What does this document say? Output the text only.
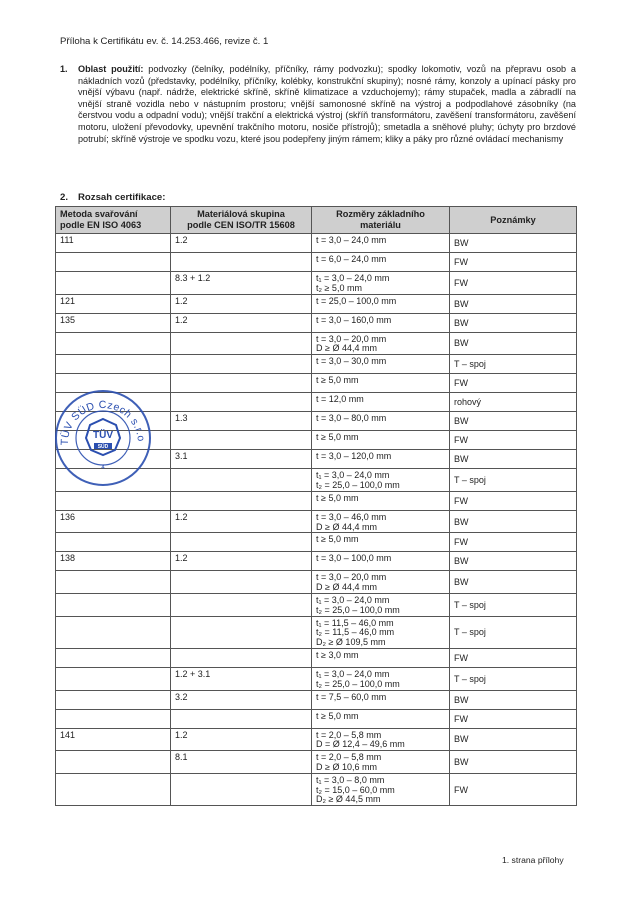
Příloha k Certifikátu ev. č. 14.253.466, revize č. 1
1. Oblast použití: podvozky (čelníky, podélníky, příčníky, rámy podvozku); spodky lokomotiv, vozů na přepravu osob a nákladních vozů (představky, podélníky, příčníky, kolébky, konstrukční skupiny); nosné rámy, konzoly a upínací pásky pro vnější výbavu (např. nádrže, elektrické skříně, skříně klimatizace a vzduchojemy); rámy stupaček, madla a zábradlí na vnější straně vozidla nebo v nástupním prostoru; vnější samonosné skříně na výstroj a podpodlahové zásobníky (na čerstvou vodu a odpadní vodu); vnější trakční a elektrická výstroj (skříň transformátoru, zavěšení transformátoru, zavěšení motoru, uložení převodovky, upevnění trakčního motoru, nosiče přístrojů); smetadla a sněhové pluhy; úchyty pro brzdové potrubí; skříně výstroje ve spodku vozu, které jsou podepřeny jiným rámem; kliky a páky pro různé ovládací mechanismy
2. Rozsah certifikace:
Metoda svařování
podle EN ISO 4063	Materiálová skupina
podle CEN ISO/TR 15608	Rozměry základního
materiálu	Poznámky

111	1.2	t = 3,0 – 24,0 mm	BW

		t = 6,0 – 24,0 mm	FW
	8.3 + 1.2	t₁ = 3,0 – 24,0 mm
t₂ ≥ 5,0 mm	FW
121	1.2	t = 25,0 – 100,0 mm	BW
135	1.2	t = 3,0 – 160,0 mm	BW

		t = 3,0 – 20,0 mm
D ≥ Ø 44,4 mm	BW

		t = 3,0 – 30,0 mm	T – spoj

		t ≥ 5,0 mm	FW

		t = 12,0 mm	rohový
	1.3	t = 3,0 – 80,0 mm	BW

		t ≥ 5,0 mm	FW
	3.1	t = 3,0 – 120,0 mm	BW

		t₁ = 3,0 – 24,0 mm
t₂ = 25,0 – 100,0 mm	T – spoj

		t ≥ 5,0 mm	FW
136	1.2	t = 3,0 – 46,0 mm
D ≥ Ø 44,4 mm	BW

		t ≥ 5,0 mm	FW
138	1.2	t = 3,0 – 100,0 mm	BW

		t = 3,0 – 20,0 mm
D ≥ Ø 44,4 mm	BW

		t₁ = 3,0 – 24,0 mm
t₂ = 25,0 – 100,0 mm	T – spoj

		t₁ = 11,5 – 46,0 mm
t₂ = 11,5 – 46,0 mm
D₂ ≥ Ø 109,5 mm	T – spoj

		t ≥ 3,0 mm	FW
	1.2 + 3.1	t₁ = 3,0 – 24,0 mm
t₂ = 25,0 – 100,0 mm	T – spoj
	3.2	t = 7,5 – 60,0 mm	BW

		t ≥ 5,0 mm	FW
141	1.2	t = 2,0 – 5,8 mm
D = Ø 12,4 – 49,6 mm	BW
	8.1	t = 2,0 – 5,8 mm
D ≥ Ø 10,6 mm	BW

		t₁ = 3,0 – 8,0 mm
t₂ = 15,0 – 60,0 mm
D₂ ≥ Ø 44,5 mm	FW
TÜV SÜD Czech s.r.o
TÜV
SÜD
4
1. strana přílohy
